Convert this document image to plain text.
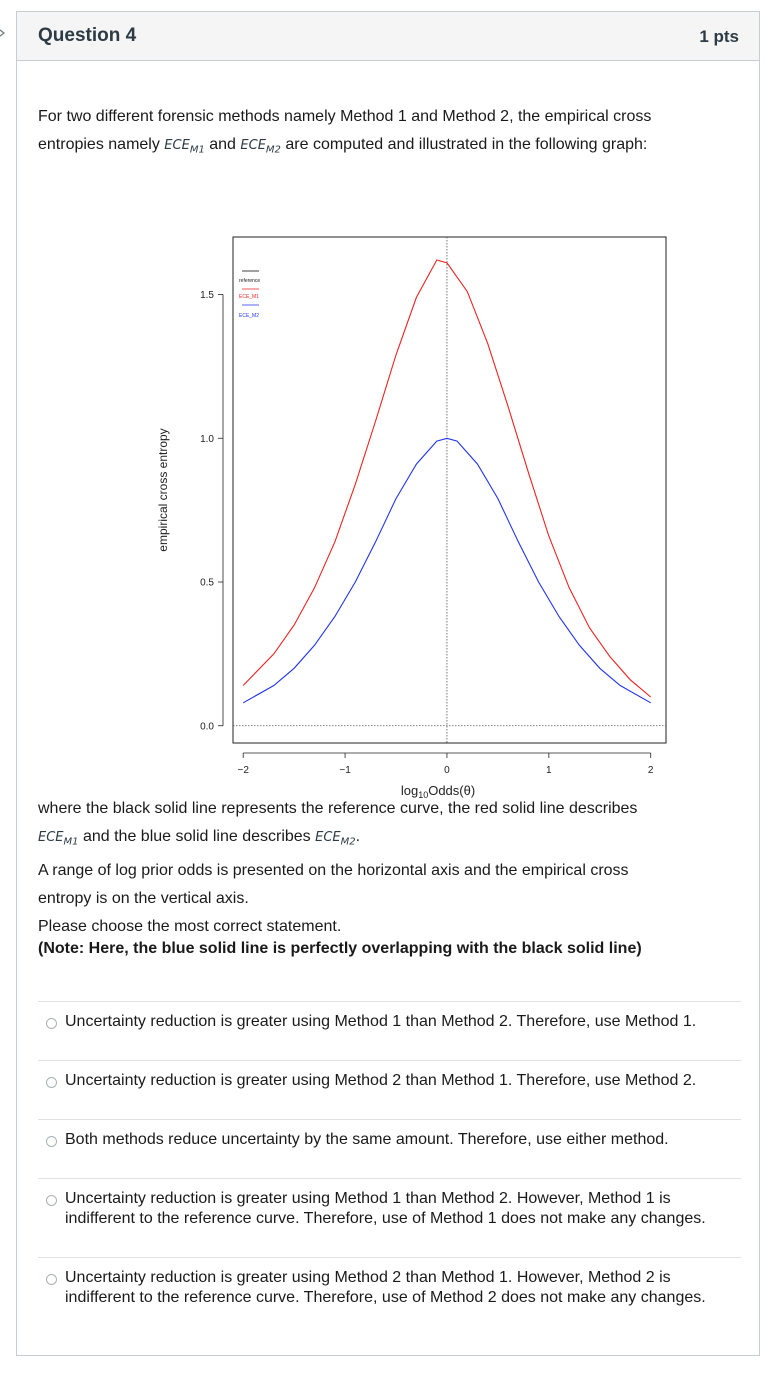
Question 4	1 pts

For two different forensic methods namely Method 1 and Method 2, the empirical cross
entropies namely $ECE_{M1}$ and $ECE_{M2}$ are computed and illustrated in the following graph:

0.0
0.5
1.0
1.5
−2	−1	0	1	2
reference
ECE_M1
ECE_M2
empirical cross entropy
$\log_{10}Odds(\theta)$

where the black solid line represents the reference curve, the red solid line describes
$ECE_{M1}$ and the blue solid line describes $ECE_{M2}$.
A range of log prior odds is presented on the horizontal axis and the empirical cross
entropy is on the vertical axis.
Please choose the most correct statement.

(Note: Here, the blue solid line is perfectly overlapping with the black solid line)

Uncertainty reduction is greater using Method 1 than Method 2. Therefore, use Method 1.
Uncertainty reduction is greater using Method 2 than Method 1. Therefore, use Method 2.
Both methods reduce uncertainty by the same amount. Therefore, use either method.
Uncertainty reduction is greater using Method 1 than Method 2. However, Method 1 is indifferent to the reference curve. Therefore, use of Method 1 does not make any changes.
Uncertainty reduction is greater using Method 2 than Method 1. However, Method 2 is indifferent to the reference curve. Therefore, use of Method 2 does not make any changes.
